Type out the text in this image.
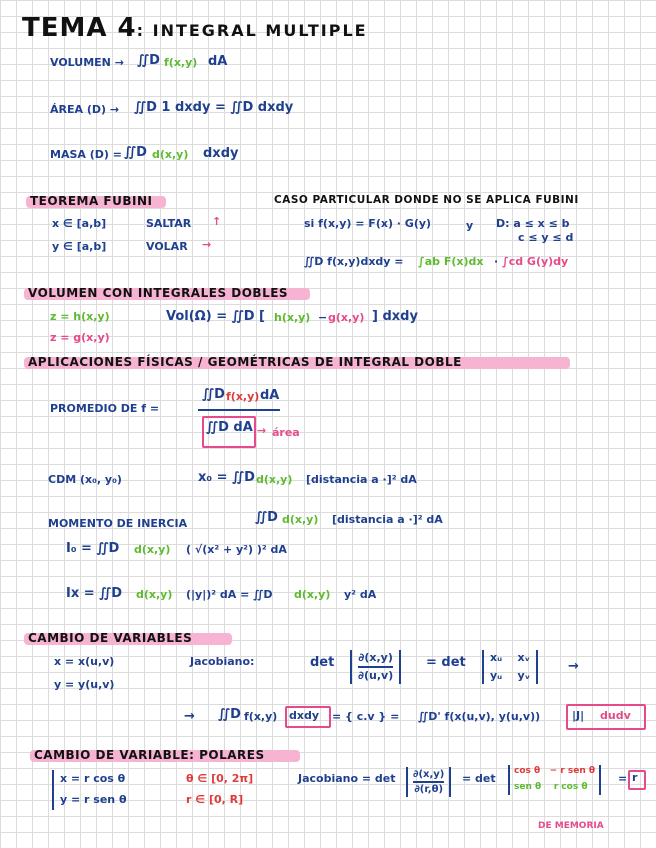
TEMA 4: INTEGRAL MULTIPLE
VOLUMEN → ∬D f(x,y) dA
ÁREA (D) → ∬D 1 dxdy = ∬D dxdy
MASA (D) = ∬D d(x,y) dxdy
TEOREMA FUBINI
x ∈ [a,b]	SALTAR ↑
y ∈ [a,b]	VOLAR →
CASO PARTICULAR DONDE NO SE APLICA FUBINI
si f(x,y) = F(x) · G(y)	y D: a ≤ x ≤ b
c ≤ y ≤ d
∬D f(x,y)dxdy = ∫ab F(x)dx · ∫cd G(y)dy
VOLUMEN CON INTEGRALES DOBLES
z = h(x,y)
z = g(x,y)
Vol(Ω) = ∬D [ h(x,y) − g(x,y) ] dxdy
APLICACIONES FÍSICAS / GEOMÉTRICAS DE INTEGRAL DOBLE
PROMEDIO DE f =
∬D f(x,y) dA
∬D dA → área
CDM (x₀, y₀)	x₀ = ∬D d(x,y) [distancia a ·]² dA
MOMENTO DE INERCIA	∬D d(x,y) [distancia a ·]² dA
I₀ = ∬D d(x,y) ( √(x² + y²) )² dA
Ix = ∬D d(x,y) (|y|)² dA = ∬D d(x,y) y² dA
CAMBIO DE VARIABLES
x = x(u,v)
y = y(u,v)
Jacobiano:	$\det \frac{\partial(x,y)}{\partial(u,v)} = \det$ xᵤ xᵥ
yᵤ yᵥ
→
→ ∬D f(x,y) dxdy = { c.v } = ∬D' f(x(u,v), y(u,v))	|J| dudv
CAMBIO DE VARIABLE: POLARES
x = r cos θ
y = r sen θ
θ ∈ [0, 2π]
r ∈ [0, R]
Jacobiano = $\det \frac{\partial(x,y)}{\partial(r,\theta)} = \det$
cos θ − r sen θ
sen θ r cos θ
= r
DE MEMORIA
